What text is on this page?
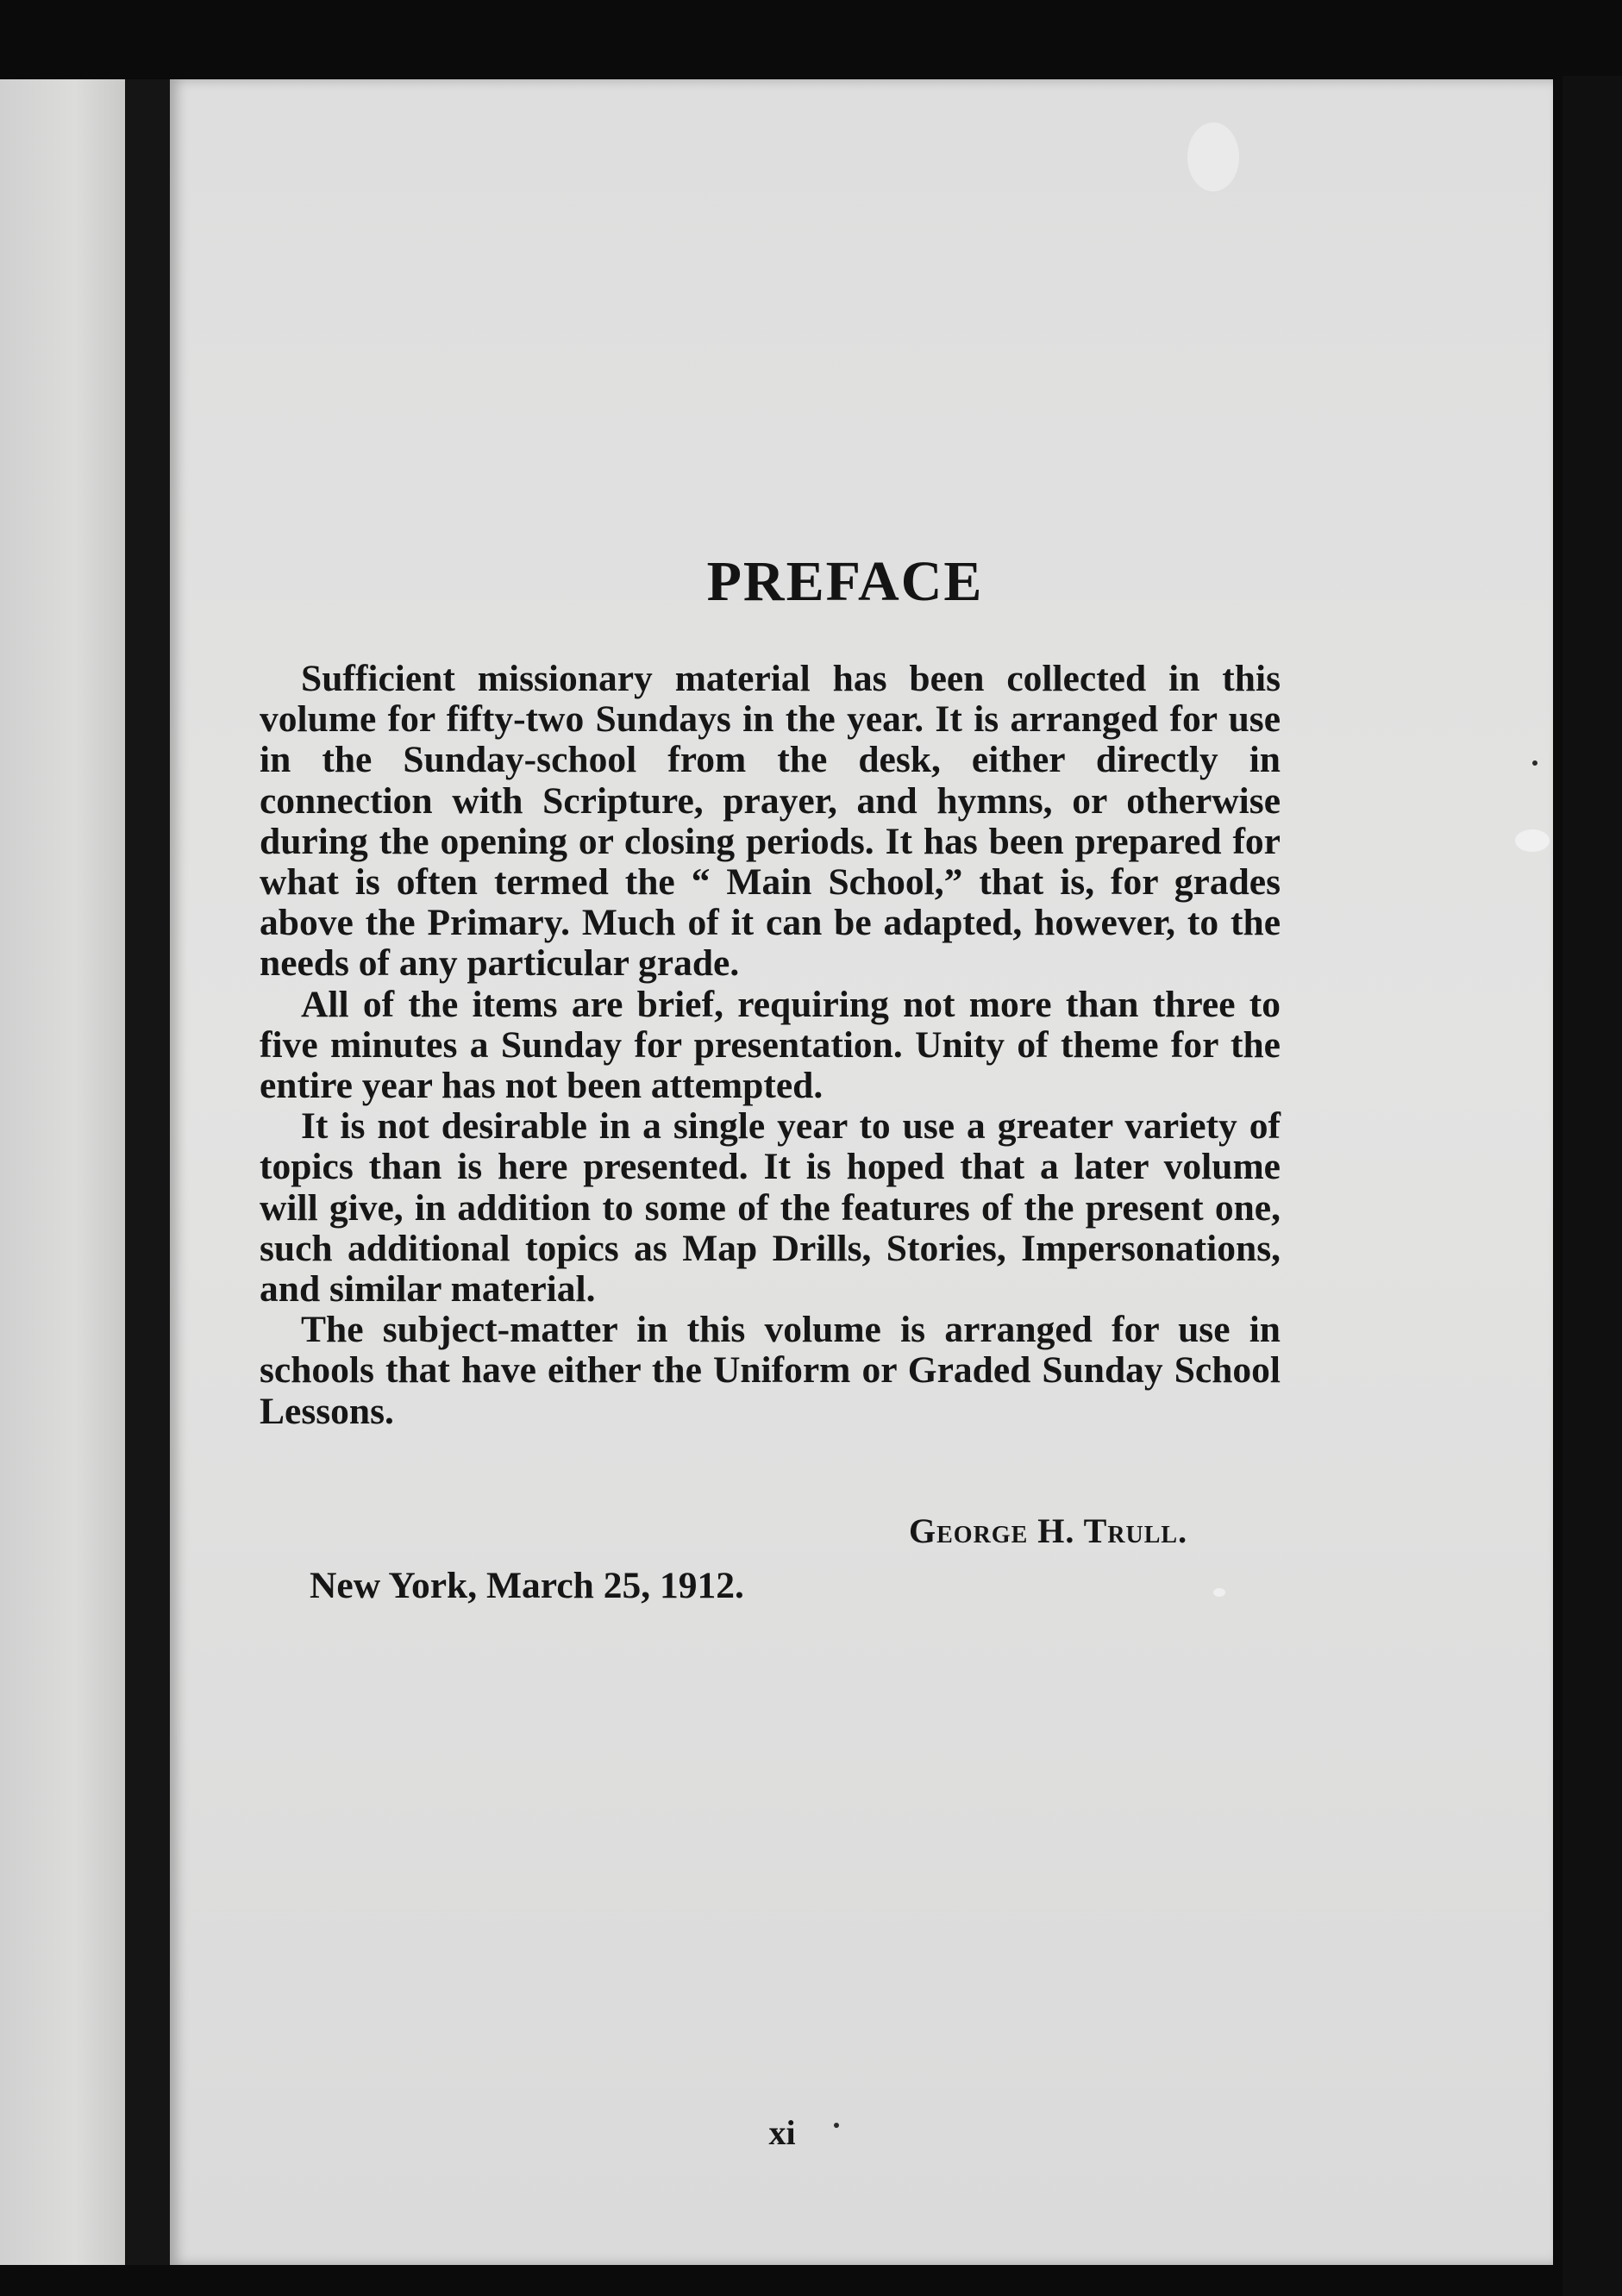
PREFACE

Sufficient missionary material has been collected in this volume for fifty-two Sundays in the year. It is arranged for use in the Sunday-school from the desk, either directly in connection with Scripture, prayer, and hymns, or otherwise during the opening or closing periods. It has been prepared for what is often termed the “ Main School,” that is, for grades above the Primary. Much of it can be adapted, however, to the needs of any particular grade.

All of the items are brief, requiring not more than three to five minutes a Sunday for presentation. Unity of theme for the entire year has not been attempted.

It is not desirable in a single year to use a greater variety of topics than is here presented. It is hoped that a later volume will give, in addition to some of the features of the present one, such additional topics as Map Drills, Stories, Impersonations, and similar material.

The subject-matter in this volume is arranged for use in schools that have either the Uniform or Graded Sunday School Lessons.

George H. Trull.
New York, March 25, 1912.
xi
